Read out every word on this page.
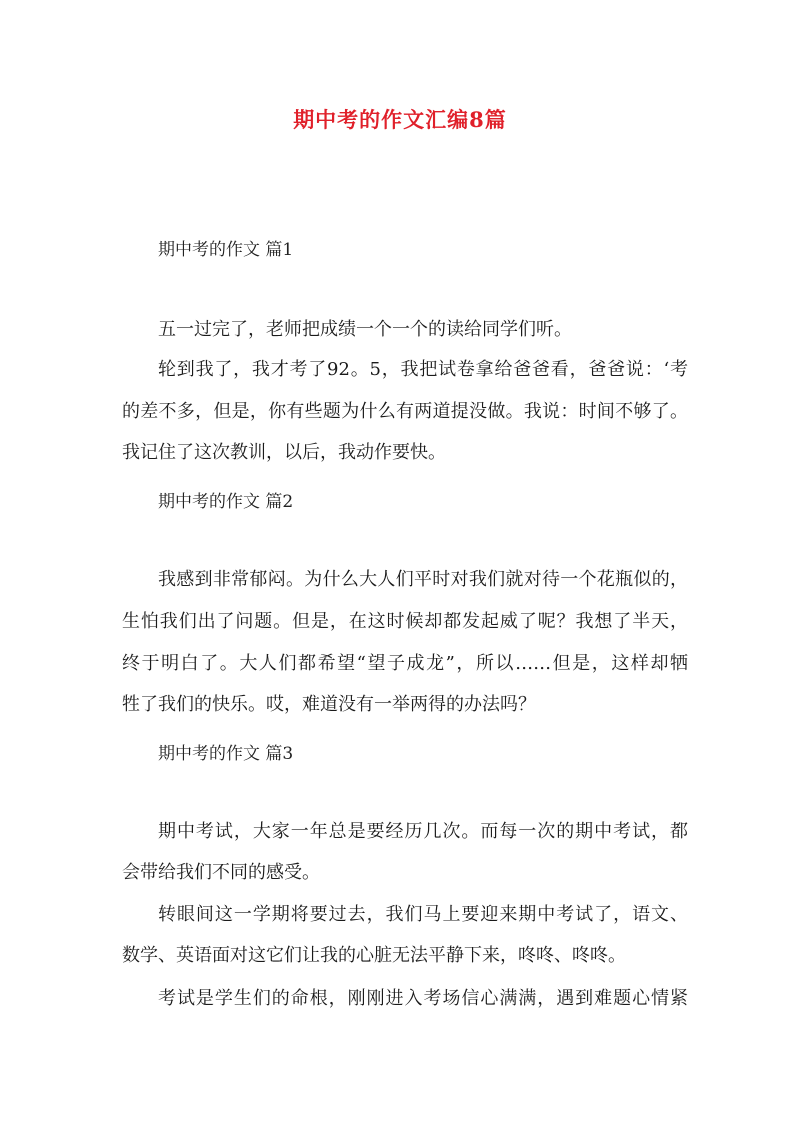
期中考的作文汇编8篇

期中考的作文 篇1

五一过完了，老师把成绩一个一个的读给同学们听。

轮到我了，我才考了92。5，我把试卷拿给爸爸看，爸爸说：‘考

的差不多，但是，你有些题为什么有两道提没做。我说：时间不够了。

我记住了这次教训，以后，我动作要快。

期中考的作文 篇2

我感到非常郁闷。为什么大人们平时对我们就对待一个花瓶似的，

生怕我们出了问题。但是，在这时候却都发起威了呢？我想了半天，

终于明白了。大人们都希望“望子成龙”，所以……但是，这样却牺

牲了我们的快乐。哎，难道没有一举两得的办法吗？

期中考的作文 篇3

期中考试，大家一年总是要经历几次。而每一次的期中考试，都

会带给我们不同的感受。

转眼间这一学期将要过去，我们马上要迎来期中考试了，语文、

数学、英语面对这它们让我的心脏无法平静下来，咚咚、咚咚。

考试是学生们的命根，刚刚进入考场信心满满，遇到难题心情紧
